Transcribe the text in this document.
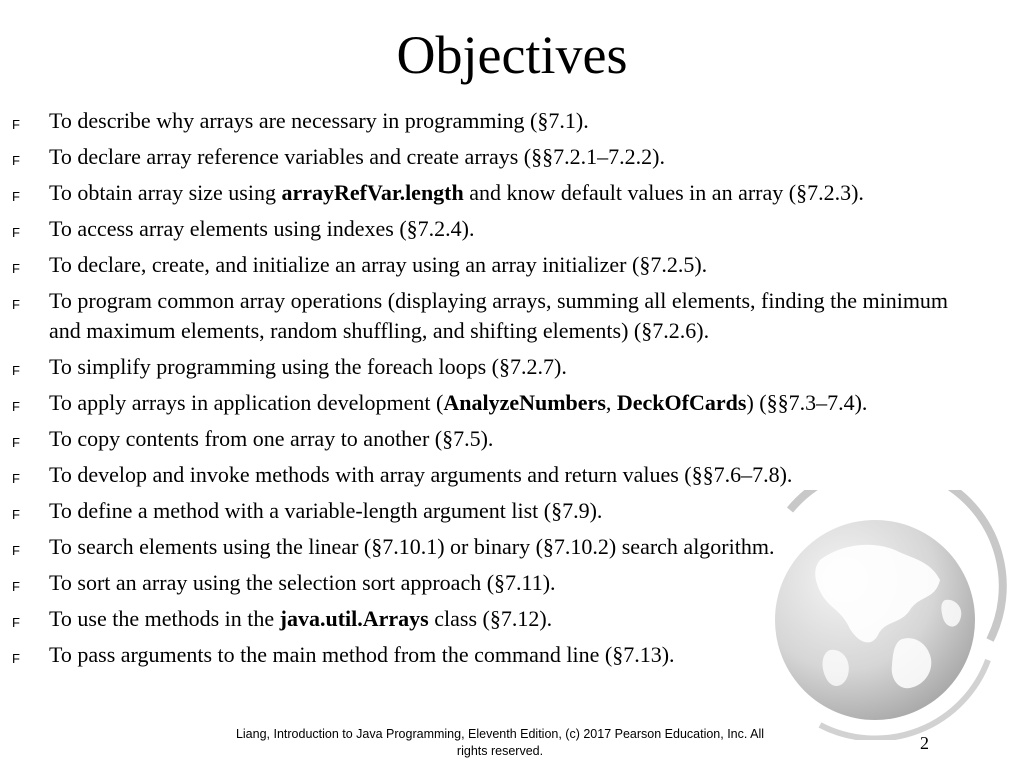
Objectives
F To describe why arrays are necessary in programming (§7.1).
F To declare array reference variables and create arrays (§§7.2.1–7.2.2).
F To obtain array size using arrayRefVar.length and know default values in an array (§7.2.3).
F To access array elements using indexes (§7.2.4).
F To declare, create, and initialize an array using an array initializer (§7.2.5).
F To program common array operations (displaying arrays, summing all elements, finding the minimum and maximum elements, random shuffling, and shifting elements) (§7.2.6).
F To simplify programming using the foreach loops (§7.2.7).
F To apply arrays in application development (AnalyzeNumbers, DeckOfCards) (§§7.3–7.4).
F To copy contents from one array to another (§7.5).
F To develop and invoke methods with array arguments and return values (§§7.6–7.8).
F To define a method with a variable-length argument list (§7.9).
F To search elements using the linear (§7.10.1) or binary (§7.10.2) search algorithm.
F To sort an array using the selection sort approach (§7.11).
F To use the methods in the java.util.Arrays class (§7.12).
F To pass arguments to the main method from the command line (§7.13).
Liang, Introduction to Java Programming, Eleventh Edition, (c) 2017 Pearson Education, Inc. All
rights reserved.	2
